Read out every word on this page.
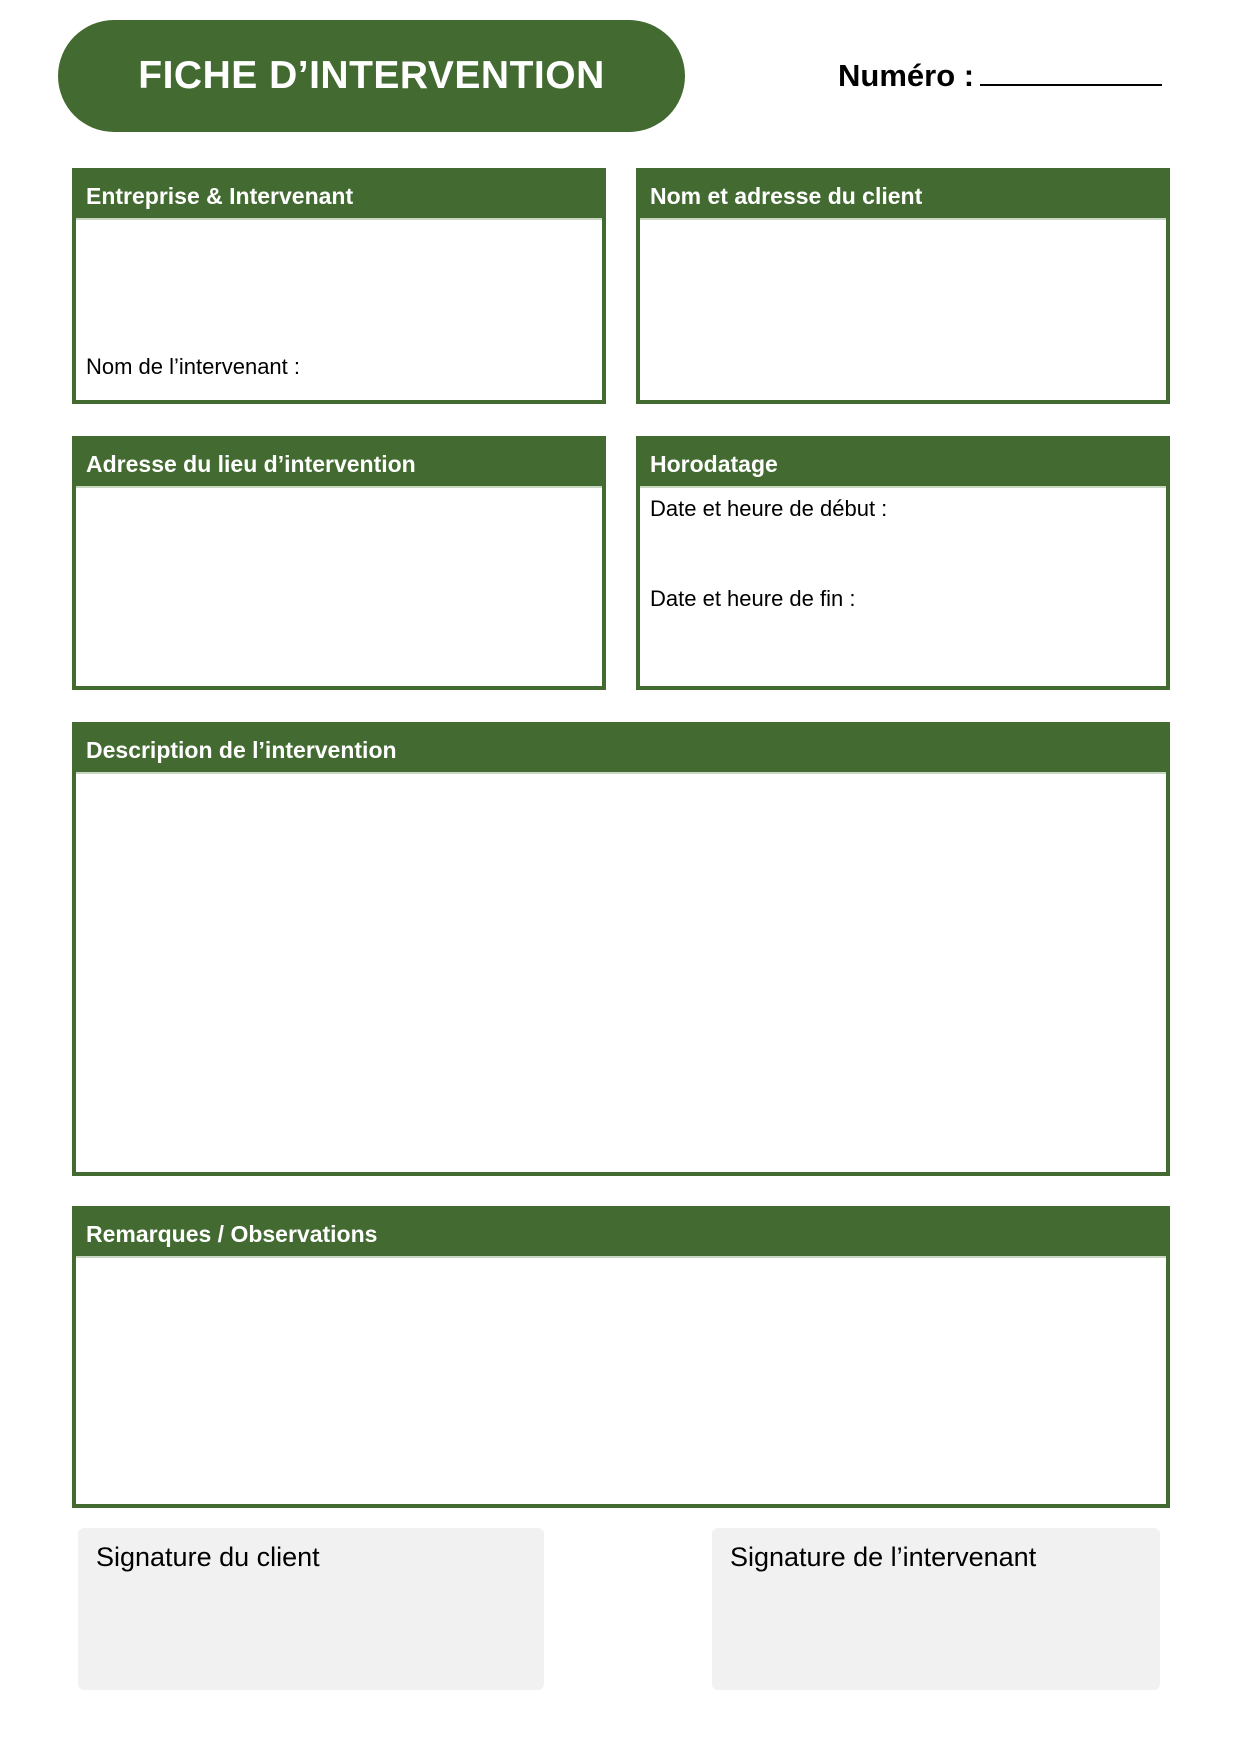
FICHE D’INTERVENTION	Numéro :
Entreprise & Intervenant
Nom de l’intervenant :
Nom et adresse du client
Adresse du lieu d’intervention	Horodatage
Date et heure de début :
Date et heure de fin :
Description de l’intervention
Remarques / Observations
Signature du client	Signature de l’intervenant
